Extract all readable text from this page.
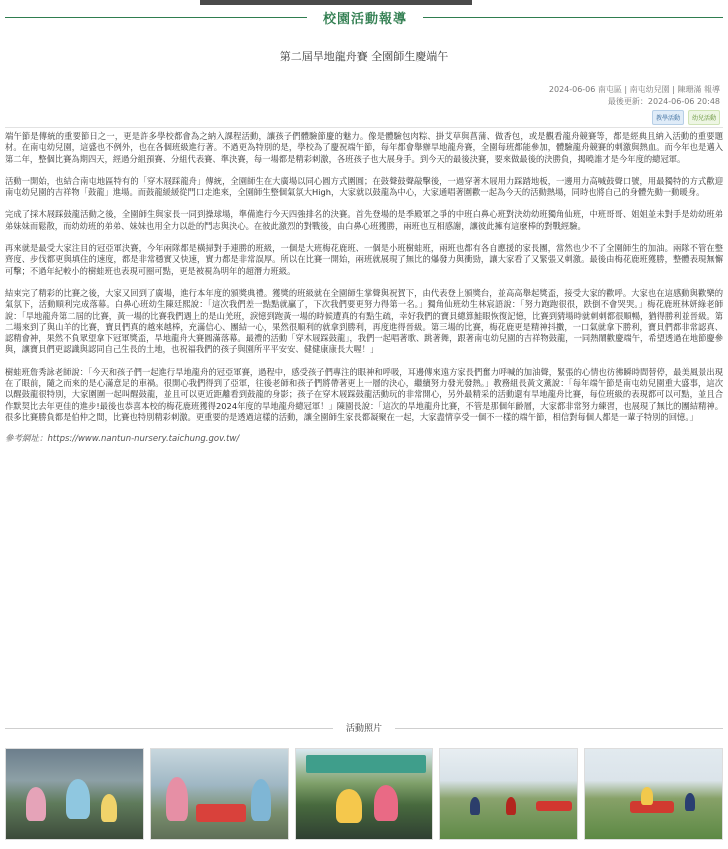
校園活動報導
第二屆旱地龍舟賽 全園師生慶端午
2024-06-06 南屯區 | 南屯幼兒園 | 陳珊滿 報導
最後更新：2024-06-06 20:48
教學活動	幼兒活動

端午節是傳統的重要節日之一，更是許多學校都會為之納入課程活動，讓孩子們體驗節慶的魅力。像是體驗包肉粽、掛艾草與菖蒲、做香包，或是觀看龍舟競賽等，都是經典且納入活動的重要題材。在南屯幼兒園，這盛也不例外，也在各個班級進行著。不過更為特別的是，學校為了慶祝端午節，每年都會舉辦旱地龍舟賽，全園每班都能參加，體驗龍舟競賽的刺激與熱血。而今年也是邁入第二年，整個比賽為期四天，經過分組預賽、分組代表賽、準決賽，每一場都是精彩刺激，各班孩子也大展身手。到今天的最後決賽，要來做最後的決勝負，揭曉誰才是今年度的總冠軍。

活動一開始，也結合南屯地區特有的「穿木屐踩龍舟」傳統，全園師生在大廣場以同心圓方式圍圓；在鼓聲鼓聲敲擊後，一過穿著木屐用力踩踏地板，一邊用力高喊鼓聲口號，用最獨特的方式歡迎南屯幼兒園的吉祥物「鼓龍」進場。而鼓龍緩緩從門口走進來，全園師生整個氣氛大High，大家就以鼓龍為中心，大家通唱著圍歡一起為今天的活動熱場，同時也將自己的身體先動一動暖身。

完成了採木屐踩鼓龍活動之後，全園師生與家長一同到操球場，準備進行今天四強排名的決賽。首先登場的是季殿軍之爭的中班白鼻心班對決幼幼班獨角仙班，中班哥哥、姐姐並未對手是幼幼班弟弟妹妹而鬆散，而幼幼班的弟弟、妹妹也用全力以赴的鬥志與決心。在彼此激烈的對戰後，由白鼻心班獲勝，兩班也互相感謝，讓彼此擁有這麼棒的對戰經驗。

再來就是最受大家注目的冠亞軍決賽，今年兩隊都是橫掃對手連勝的班級，一個是大班梅花鹿班、一個是小班樹蛙班，兩班也都有各自應援的家長團，當然也少不了全園師生的加油。兩隊不管在整齊度、步伐都更與填住的速度，都是非常穩實又快速，實力都是非常誤厚。所以在比賽一開始，兩班就展現了無比的爆發力與衝勁，讓大家看了又緊張又刺激。最後由梅花鹿班獲勝，整體表現無懈可擊；不過年紀較小的樹蛙班也表現可圈可點，更是被視為明年的超潛力班級。

結束完了精彩的比賽之後，大家又回到了廣場，進行本年度的頒獎典禮。獲獎的班級就在全園師生掌聲與祝賀下，由代表登上頒獎台，並高高舉起獎盃，接受大家的歡呼。大家也在這感動與歡樂的氣氛下，活動順利完成落幕。白鼻心班幼生陳廷熙說：「這次我們差一點點就贏了，下次我們要更努力得第一名。」獨角仙班幼生林宸語說：「努力跑跑很很，跌倒不會哭哭。」梅花鹿班林妍綠老師說：「旱地龍舟第二屆的比賽，黃一場的比賽我們遇上的是山羌班，淚憶到跑黃一場的時候遭真的有點生疏，幸好我們的寶貝總算鮭眼恢復記憶，比賽到猜場時就刺刺都很順暢，猶得勝利並晉級。第二場來到了與山羊的比賽，寶貝們真的越來越棒，充滿信心、團結一心，果然很順利的就拿到勝利，再度進得晉級。第三場的比賽，梅花鹿更是精神抖擻，一口氣就拿下勝利，寶貝們都非常認真、認精會神，果然不負眾望拿下冠軍獎盃，旱地龍舟大賽圓滿落幕。最禮的活動「穿木屐踩鼓龍」，我們一起唱著歌、跳著舞，跟著南屯幼兒園的吉祥物鼓龍，一同熱鬧歡慶端午，希望透過在地節慶參與，讓寶貝們更認識與認同自己生長的土地，也祝福我們的孩子與園所平平安安、健健康康長大喔！」

樹蛙班詹秀詠老師說：「今天和孩子們一起進行旱地龍舟的冠亞軍賽，過程中，感受孩子們專注的眼神和呼吸，耳邊傳來遠方家長們奮力呼喊的加油聲，緊張的心情也彷彿瞬時間替停，最美風景出現在了眼前，隨之而來的是心滿意足的車禍。很開心我們得到了亞軍，往後老師和孩子們將帶著更上一層的決心，繼續努力發光發熱。」教務組長黃文薰說：「每年端午節是南屯幼兒園重大盛事，這次以醒鼓龍很特別，大家圍圍一起叫醒鼓龍，並且可以更近距離看到鼓龍的身影；孩子在穿木屐踩鼓龍活動玩的非常開心，另外最精采的活動還有旱地龍舟比賽，每位班級的表現都可以可點，並且合作默契比去年更佳的進步!最後也恭喜本校的梅花鹿班獲得2024年度的旱地龍舟總冠軍！」陳園長說：「這次的旱地龍舟比賽，不管是那個年齡層，大家都非常努力練習，也展現了無比的團結精神。很多比賽勝負都是伯仲之間，比賽也特別精彩刺激。更重要的是透過這樣的活動，讓全園師生家長都凝聚在一起，大家盡情享受一個不一樣的端午節，相信對每個人都是一輩子特別的回憶。」

參考網址：https://www.nantun-nursery.taichung.gov.tw/
活動照片
